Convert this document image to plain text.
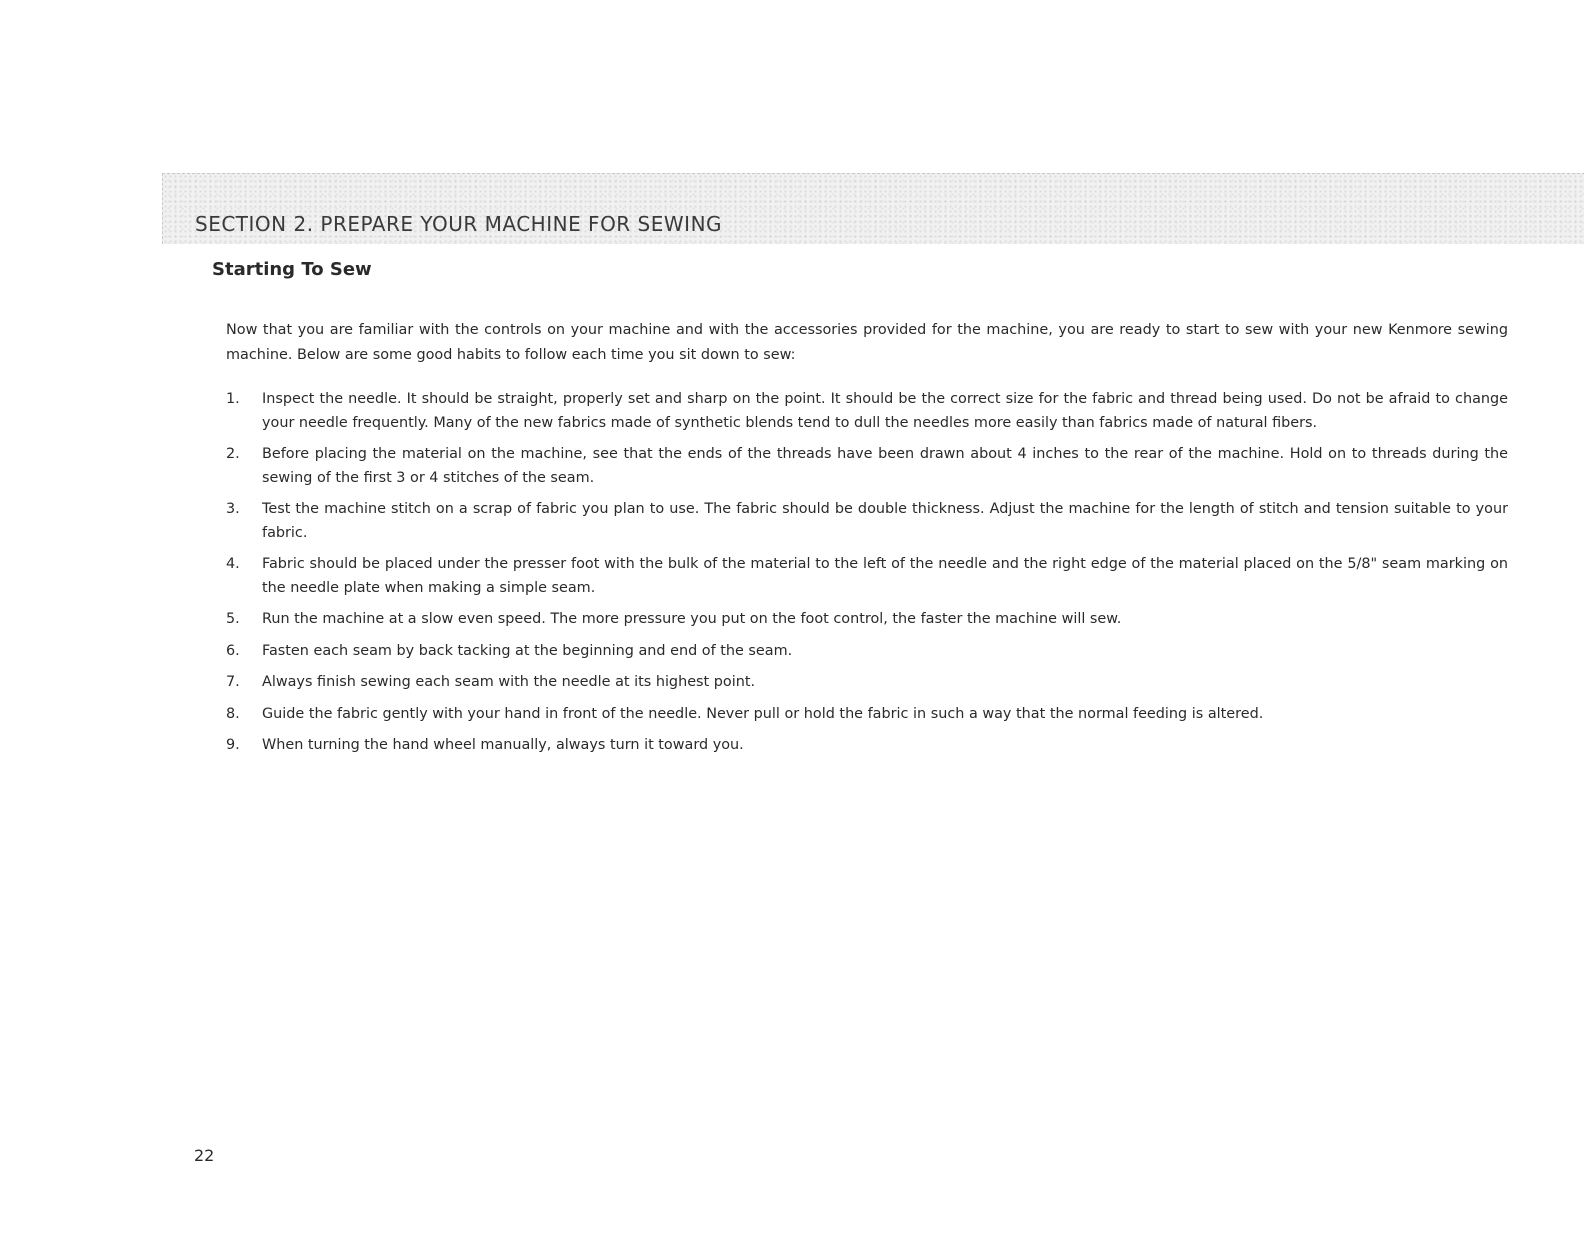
SECTION 2. PREPARE YOUR MACHINE FOR SEWING
Starting To Sew

Now that you are familiar with the controls on your machine and with the accessories provided for the machine, you are ready to start to sew with your new Kenmore sewing machine. Below are some good habits to follow each time you sit down to sew:

1. Inspect the needle. It should be straight, properly set and sharp on the point. It should be the correct size for the fabric and thread being used. Do not be afraid to change your needle frequently. Many of the new fabrics made of synthetic blends tend to dull the needles more easily than fabrics made of natural fibers.
2. Before placing the material on the machine, see that the ends of the threads have been drawn about 4 inches to the rear of the machine. Hold on to threads during the sewing of the first 3 or 4 stitches of the seam.
3. Test the machine stitch on a scrap of fabric you plan to use. The fabric should be double thickness. Adjust the machine for the length of stitch and tension suitable to your fabric.
4. Fabric should be placed under the presser foot with the bulk of the material to the left of the needle and the right edge of the material placed on the 5/8" seam marking on the needle plate when making a simple seam.
5. Run the machine at a slow even speed. The more pressure you put on the foot control, the faster the machine will sew.
6. Fasten each seam by back tacking at the beginning and end of the seam.
7. Always finish sewing each seam with the needle at its highest point.
8. Guide the fabric gently with your hand in front of the needle. Never pull or hold the fabric in such a way that the normal feeding is altered.
9. When turning the hand wheel manually, always turn it toward you.
22
